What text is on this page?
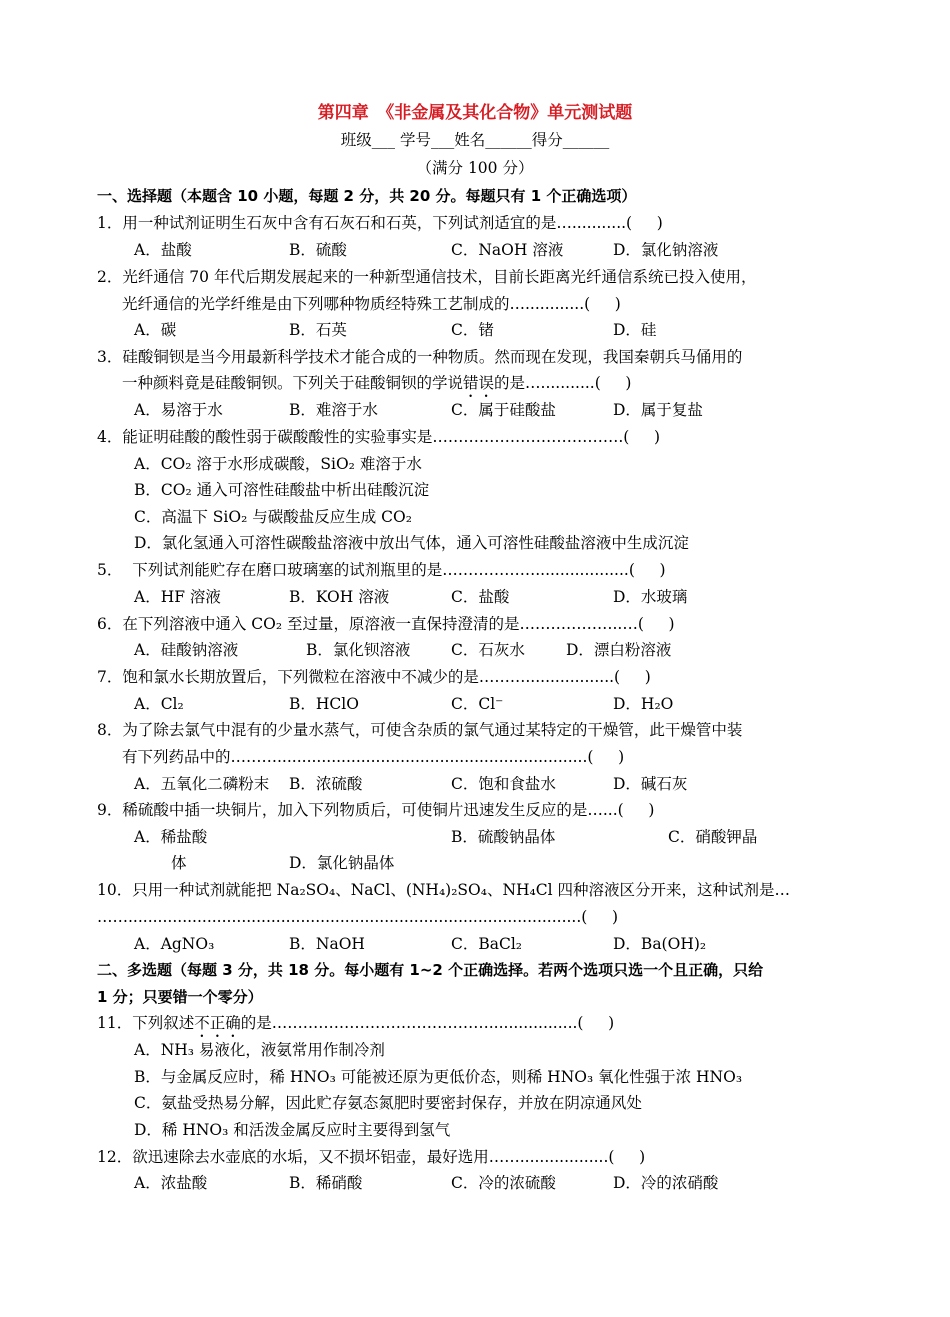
第四章　《非金属及其化合物》单元测试题
班级___ 学号___姓名______得分______
（满分 100 分）
一、选择题（本题含 10 小题，每题 2 分，共 20 分。每题只有 1 个正确选项）
1．用一种试剂证明生石灰中含有石灰石和石英，下列试剂适宜的是…...........(     )
A．盐酸	B．硫酸	C．NaOH 溶液	D．氯化钠溶液
2．光纤通信 70 年代后期发展起来的一种新型通信技术，目前长距离光纤通信系统已投入使用，
光纤通信的光学纤维是由下列哪种物质经特殊工艺制成的…............(     )
A．碳	B．石英	C．锗	D．硅
3．硅酸铜钡是当今用最新科学技术才能合成的一种物质。然而现在发现，我国秦朝兵马俑用的
一种颜料竟是硅酸铜钡。下列关于硅酸铜钡的学说错误的是…...........(     )
A．易溶于水	B．难溶于水	C．属于硅酸盐	D．属于复盐
4．能证明硅酸的酸性弱于碳酸酸性的实验事实是……………………………….(     )
A．CO₂ 溶于水形成碳酸，SiO₂ 难溶于水
B．CO₂ 通入可溶性硅酸盐中析出硅酸沉淀
C．高温下 SiO₂ 与碳酸盐反应生成 CO₂
D．氯化氢通入可溶性碳酸盐溶液中放出气体，通入可溶性硅酸盐溶液中生成沉淀
5．  下列试剂能贮存在磨口玻璃塞的试剂瓶里的是………………...................(     )
A．HF 溶液	B．KOH 溶液	C．盐酸	D．水玻璃
6．在下列溶液中通入 CO₂ 至过量，原溶液一直保持澄清的是………………..…(     )
A．硅酸钠溶液	B．氯化钡溶液	C．石灰水	D．漂白粉溶液
7．饱和氯水长期放置后，下列微粒在溶液中不减少的是………..................(     )
A．Cl₂	B．HClO	C．Cl⁻	D．H₂O
8．为了除去氯气中混有的少量水蒸气，可使含杂质的氯气通过某特定的干燥管，此干燥管中装
有下列药品中的………...............................................................(     )
A．五氧化二磷粉末 B．浓硫酸	C．饱和食盐水	D．碱石灰
9．稀硫酸中插一块铜片，加入下列物质后，可使铜片迅速发生反应的是…...(     )
A．稀盐酸	B．硫酸钠晶体	C．硝酸钾晶
体	D．氯化钠晶体
10．只用一种试剂就能把 Na₂SO₄、NaCl、(NH₄)₂SO₄、NH₄Cl 四种溶液区分开来，这种试剂是…
……............................................................................................(     )
A．AgNO₃	B．NaOH	C．BaCl₂	D．Ba(OH)₂
二、多选题（每题 3 分，共 18 分。每小题有 1~2 个正确选择。若两个选项只选一个且正确，只给
1 分；只要错一个零分）
11．下列叙述不正确的是……………………………………..................(     )
A．NH₃ 易液化，液氨常用作制冷剂
B．与金属反应时，稀 HNO₃ 可能被还原为更低价态，则稀 HNO₃ 氧化性强于浓 HNO₃
C．氨盐受热易分解，因此贮存氨态氮肥时要密封保存，并放在阴凉通风处
D．稀 HNO₃ 和活泼金属反应时主要得到氢气
12．欲迅速除去水壶底的水垢，又不损坏铝壶，最好选用……..................(     )
A．浓盐酸	B．稀硝酸	C．冷的浓硫酸	D．冷的浓硝酸
